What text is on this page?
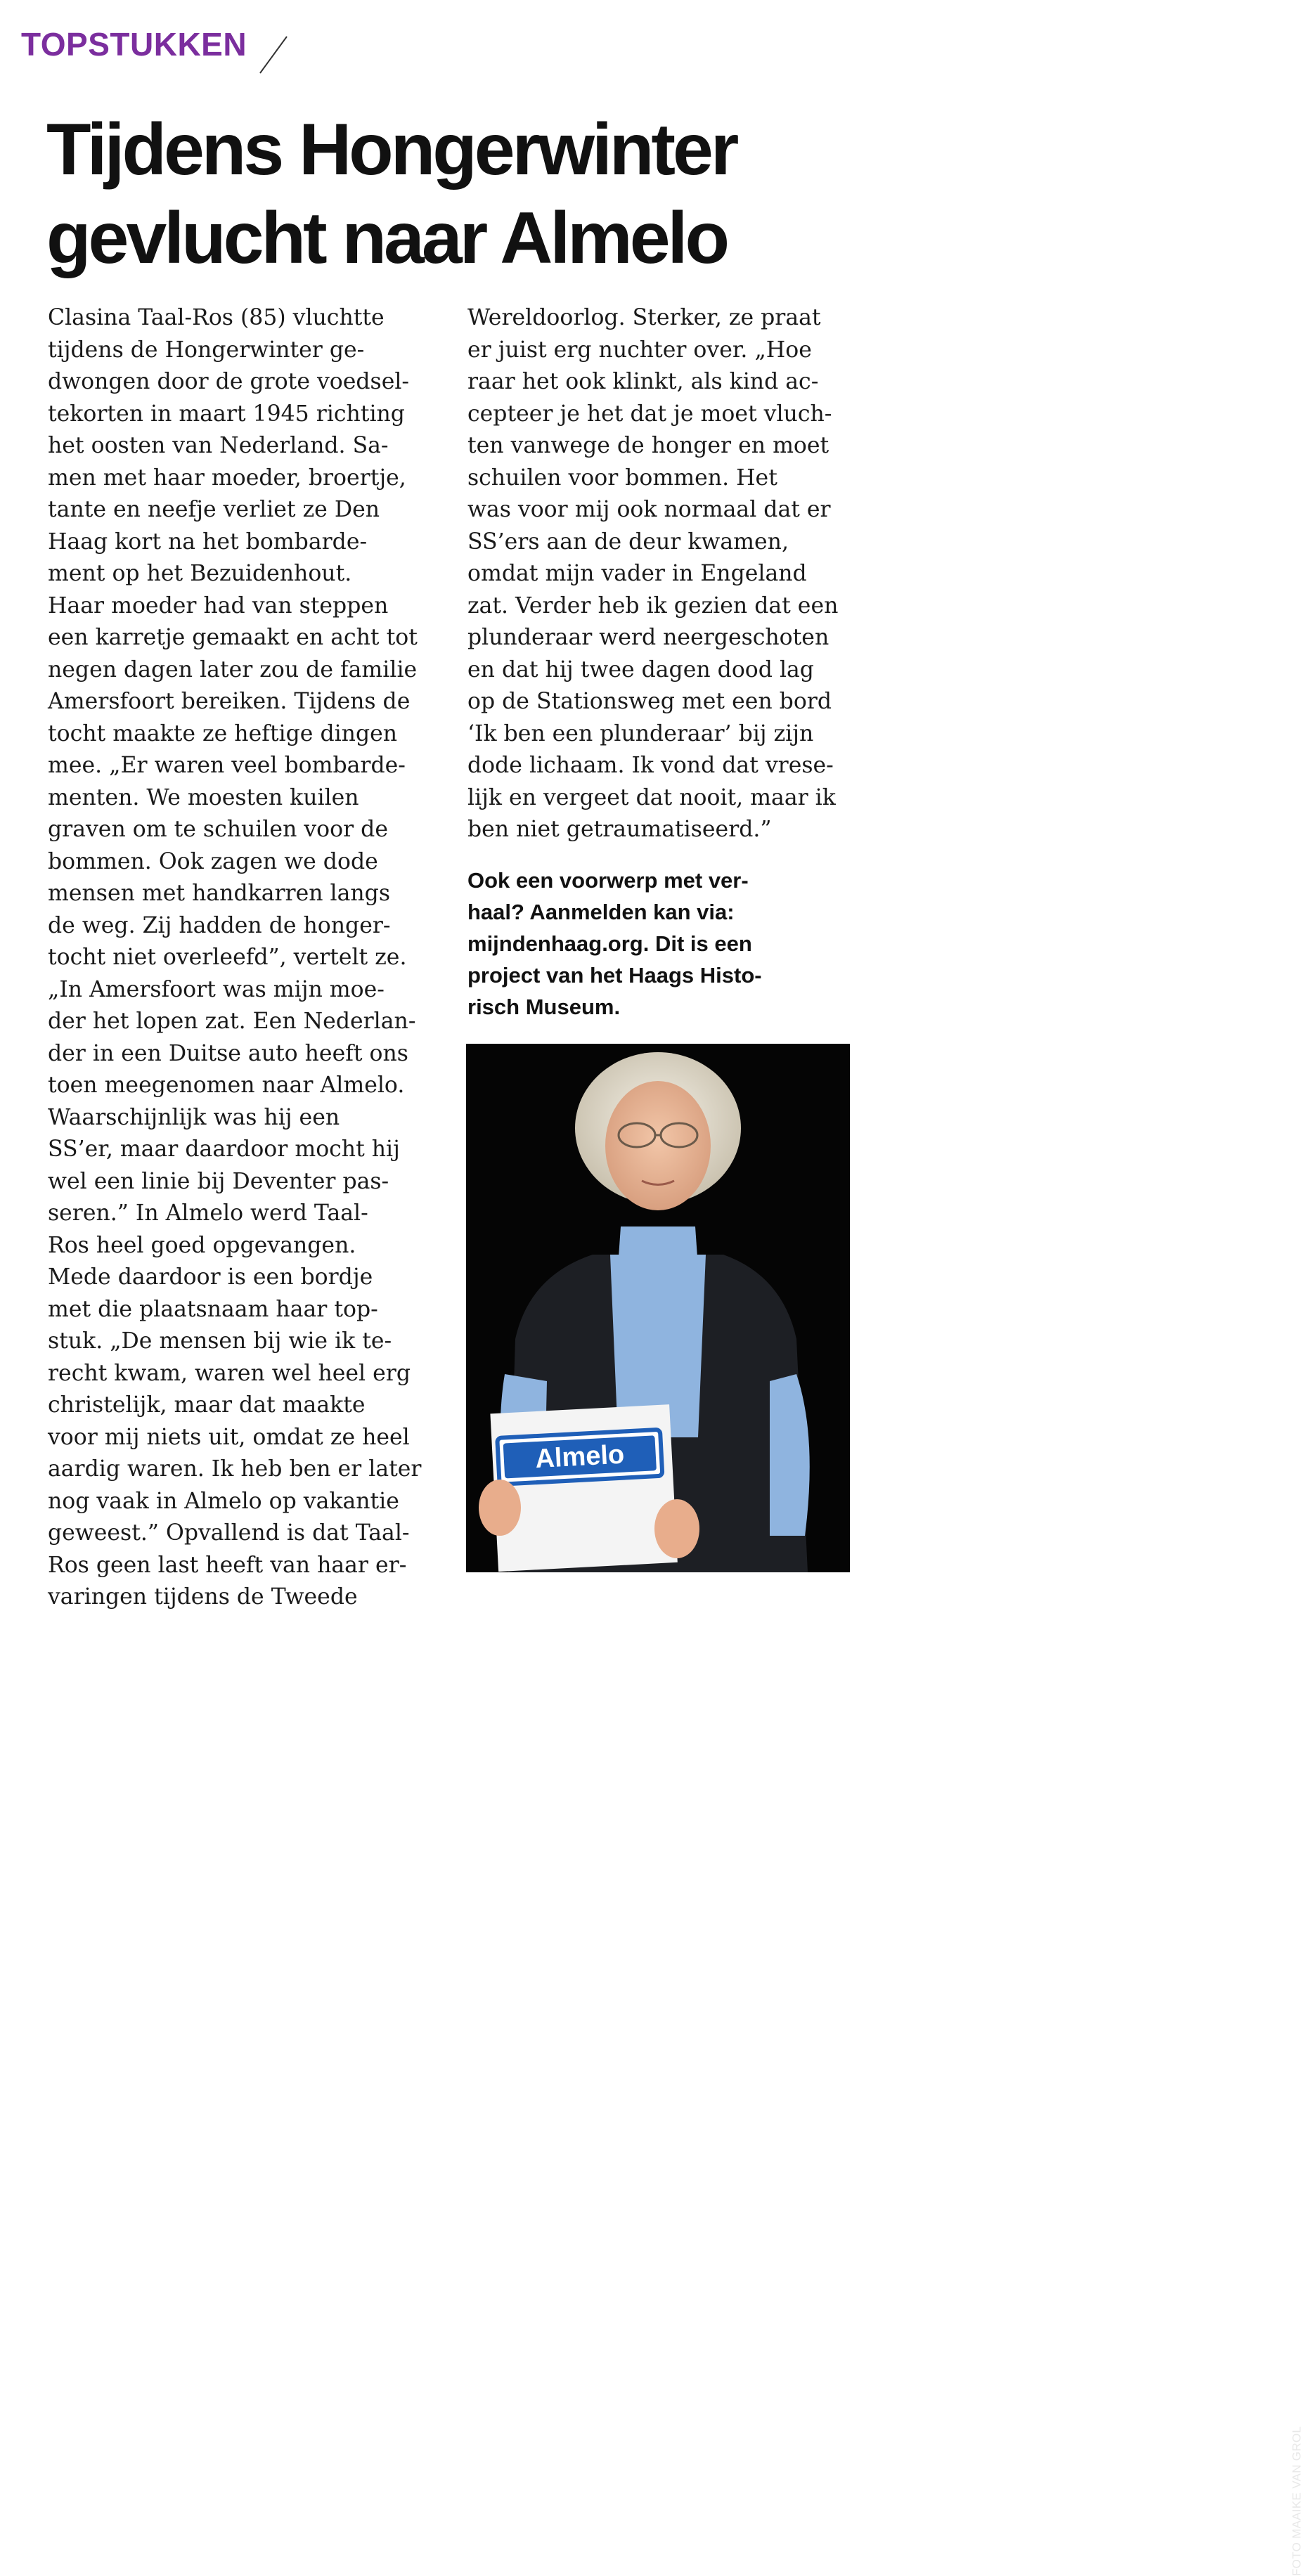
TOPSTUKKEN
Tijdens Hongerwinter
gevlucht naar Almelo
Clasina Taal-Ros (85) vluchtte
tijdens de Hongerwinter ge-
dwongen door de grote voedsel-
tekorten in maart 1945 richting
het oosten van Nederland. Sa-
men met haar moeder, broertje,
tante en neefje verliet ze Den
Haag kort na het bombarde-
ment op het Bezuidenhout.
Haar moeder had van steppen
een karretje gemaakt en acht tot
negen dagen later zou de familie
Amersfoort bereiken. Tijdens de
tocht maakte ze heftige dingen
mee. „Er waren veel bombarde-
menten. We moesten kuilen
graven om te schuilen voor de
bommen. Ook zagen we dode
mensen met handkarren langs
de weg. Zij hadden de honger-
tocht niet overleefd”, vertelt ze.
„In Amersfoort was mijn moe-
der het lopen zat. Een Nederlan-
der in een Duitse auto heeft ons
toen meegenomen naar Almelo.
Waarschijnlijk was hij een
SS’er, maar daardoor mocht hij
wel een linie bij Deventer pas-
seren.” In Almelo werd Taal-
Ros heel goed opgevangen.
Mede daardoor is een bordje
met die plaatsnaam haar top-
stuk. „De mensen bij wie ik te-
recht kwam, waren wel heel erg
christelijk, maar dat maakte
voor mij niets uit, omdat ze heel
aardig waren. Ik heb ben er later
nog vaak in Almelo op vakantie
geweest.” Opvallend is dat Taal-
Ros geen last heeft van haar er-
varingen tijdens de Tweede
Wereldoorlog. Sterker, ze praat
er juist erg nuchter over. „Hoe
raar het ook klinkt, als kind ac-
cepteer je het dat je moet vluch-
ten vanwege de honger en moet
schuilen voor bommen. Het
was voor mij ook normaal dat er
SS’ers aan de deur kwamen,
omdat mijn vader in Engeland
zat. Verder heb ik gezien dat een
plunderaar werd neergeschoten
en dat hij twee dagen dood lag
op de Stationsweg met een bord
‘Ik ben een plunderaar’ bij zijn
dode lichaam. Ik vond dat vrese-
lijk en vergeet dat nooit, maar ik
ben niet getraumatiseerd.”
Ook een voorwerp met ver-
haal? Aanmelden kan via:
mijndenhaag.org. Dit is een
project van het Haags Histo-
risch Museum.
Almelo
FOTO MAAIKE VAN GROL
